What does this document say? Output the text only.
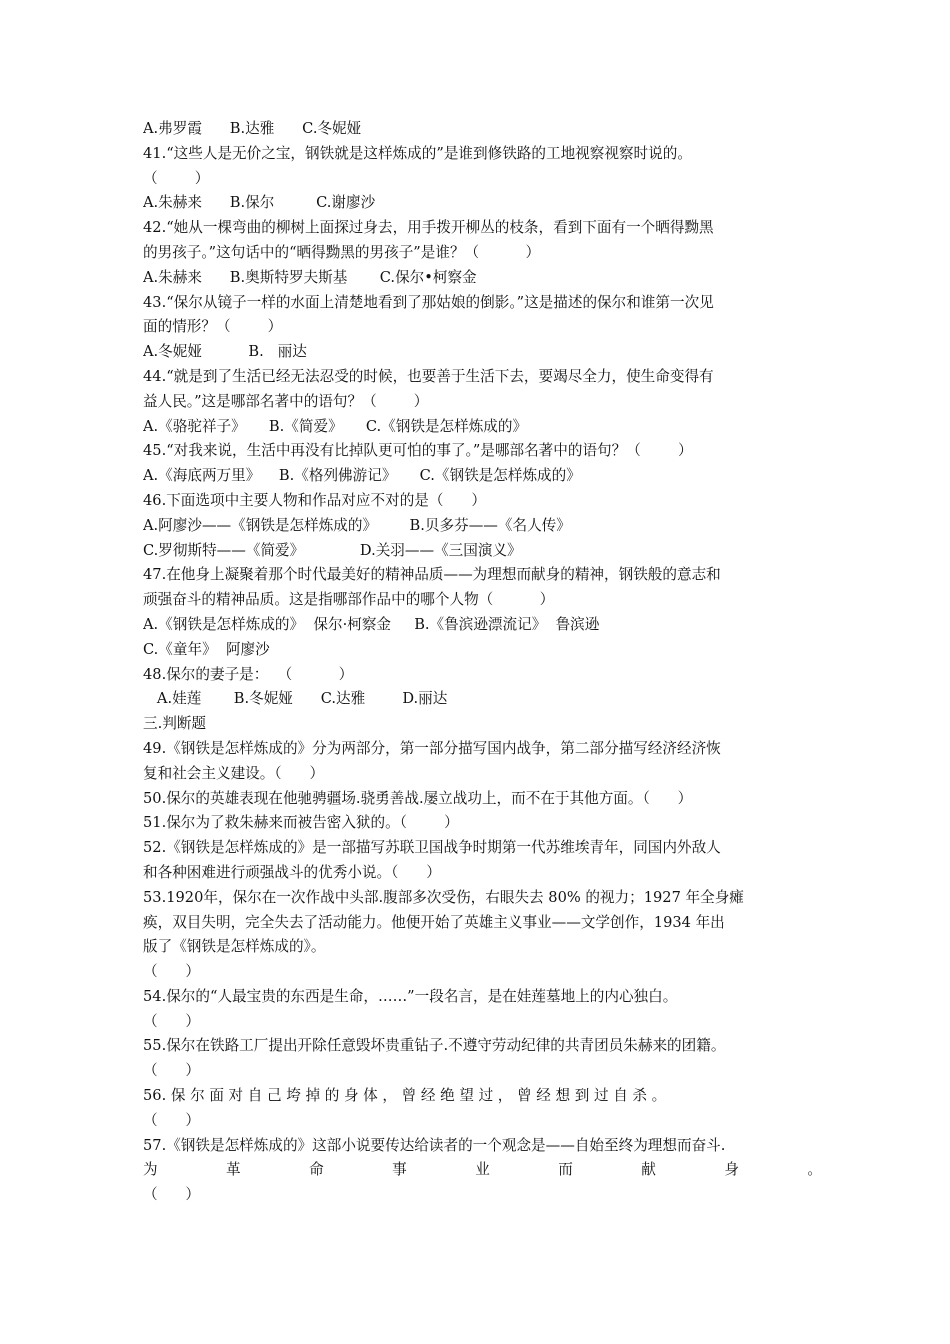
A.弗罗霞      B.达雅      C.冬妮娅
41.“这些人是无价之宝，钢铁就是这样炼成的”是谁到修铁路的工地视察视察时说的。
（        ）
A.朱赫来      B.保尔         C.谢廖沙
42.“她从一棵弯曲的柳树上面探过身去，用手拨开柳丛的枝条，看到下面有一个晒得黝黑
的男孩子。”这句话中的“晒得黝黑的男孩子”是谁？（          ）
A.朱赫来      B.奥斯特罗夫斯基       C.保尔•柯察金
43.“保尔从镜子一样的水面上清楚地看到了那姑娘的倒影。”这是描述的保尔和谁第一次见
面的情形？（        ）
A.冬妮娅          B.   丽达
44.“就是到了生活已经无法忍受的时候，也要善于生活下去，要竭尽全力，使生命变得有
益人民。”这是哪部名著中的语句？（        ）
A.《骆驼祥子》     B.《简爱》     C.《钢铁是怎样炼成的》
45.“对我来说，生活中再没有比掉队更可怕的事了。”是哪部名著中的语句？（        ）
A.《海底两万里》    B.《格列佛游记》     C.《钢铁是怎样炼成的》
46.下面选项中主要人物和作品对应不对的是（      ）
A.阿廖沙——《钢铁是怎样炼成的》       B.贝多芬——《名人传》
C.罗彻斯特——《简爱》            D.关羽——《三国演义》
47.在他身上凝聚着那个时代最美好的精神品质——为理想而献身的精神，钢铁般的意志和
顽强奋斗的精神品质。这是指哪部作品中的哪个人物（          ）
A.《钢铁是怎样炼成的》  保尔·柯察金     B.《鲁滨逊漂流记》  鲁滨逊
C.《童年》  阿廖沙
48.保尔的妻子是：  （          ）
A.娃莲       B.冬妮娅      C.达雅        D.丽达
三.判断题
49.《钢铁是怎样炼成的》分为两部分，第一部分描写国内战争，第二部分描写经济经济恢
复和社会主义建设。（      ）
50.保尔的英雄表现在他驰骋疆场.骁勇善战.屡立战功上，而不在于其他方面。（      ）
51.保尔为了救朱赫来而被告密入狱的。（        ）
52.《钢铁是怎样炼成的》是一部描写苏联卫国战争时期第一代苏维埃青年，同国内外敌人
和各种困难进行顽强战斗的优秀小说。（      ）
53.1920年，保尔在一次作战中头部.腹部多次受伤，右眼失去 80% 的视力；1927 年全身瘫
痪，双目失明，完全失去了活动能力。他便开始了英雄主义事业——文学创作，1934 年出
版了《钢铁是怎样炼成的》。
（      ）
54.保尔的“人最宝贵的东西是生命，……”一段名言，是在娃莲墓地上的内心独白。
（      ）
55.保尔在铁路工厂提出开除任意毁坏贵重钻子.不遵守劳动纪律的共青团员朱赫来的团籍。
（      ）
56. 保 尔 面 对 自 己 垮 掉 的 身 体 ， 曾 经 绝 望 过 ， 曾 经 想 到 过 自 杀 。
（      ）
57.《钢铁是怎样炼成的》这部小说要传达给读者的一个观念是——自始至终为理想而奋斗.
为 革 命 事 业 而 献 身 。
（      ）
